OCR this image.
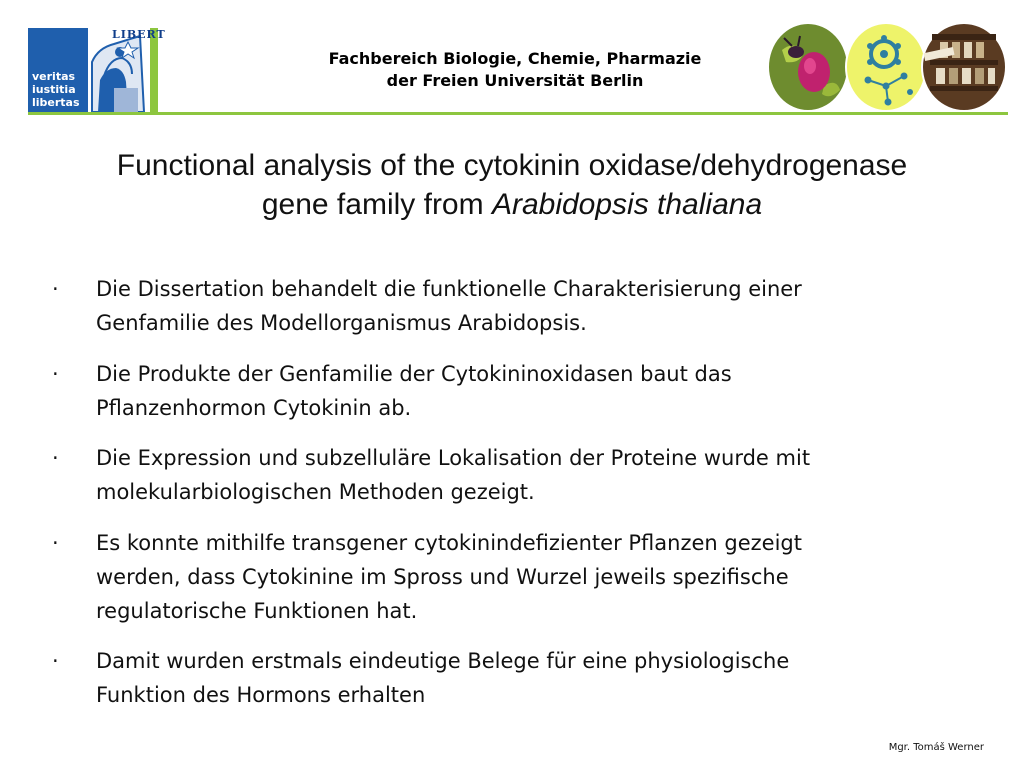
LIBERT
veritas
iustitia
libertas
Fachbereich Biologie, Chemie, Pharmazie
der Freien Universität Berlin
Functional analysis of the cytokinin oxidase/dehydrogenase
gene family from Arabidopsis thaliana
· Die Dissertation behandelt die funktionelle Charakterisierung einer
Genfamilie des Modellorganismus Arabidopsis.
· Die Produkte der Genfamilie der Cytokininoxidasen baut das
Pflanzenhormon Cytokinin ab.
· Die Expression und subzelluläre Lokalisation der Proteine wurde mit
molekularbiologischen Methoden gezeigt.
· Es konnte mithilfe transgener cytokinindefizienter Pflanzen gezeigt
werden, dass Cytokinine im Spross und Wurzel jeweils spezifische
regulatorische Funktionen hat.
· Damit wurden erstmals eindeutige Belege für eine physiologische
Funktion des Hormons erhalten
Mgr. Tomáš Werner
